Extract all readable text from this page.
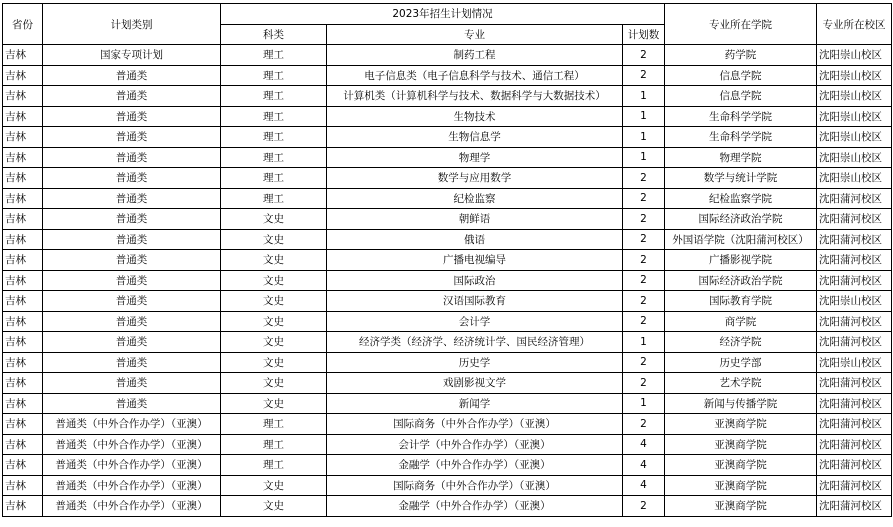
省份	计划类别	2023年招生计划情况			专业所在学院	专业所在校区
		科类	专业	计划数		
吉林	国家专项计划	理工	制药工程	2	药学院	沈阳崇山校区
吉林	普通类	理工	电子信息类（电子信息科学与技术、通信工程）	2	信息学院	沈阳崇山校区
吉林	普通类	理工	计算机类（计算机科学与技术、数据科学与大数据技术）	1	信息学院	沈阳崇山校区
吉林	普通类	理工	生物技术	1	生命科学学院	沈阳崇山校区
吉林	普通类	理工	生物信息学	1	生命科学学院	沈阳崇山校区
吉林	普通类	理工	物理学	1	物理学院	沈阳崇山校区
吉林	普通类	理工	数学与应用数学	2	数学与统计学院	沈阳崇山校区
吉林	普通类	理工	纪检监察	2	纪检监察学院	沈阳蒲河校区
吉林	普通类	文史	朝鲜语	2	国际经济政治学院	沈阳蒲河校区
吉林	普通类	文史	俄语	2	外国语学院（沈阳蒲河校区）	沈阳蒲河校区
吉林	普通类	文史	广播电视编导	2	广播影视学院	沈阳蒲河校区
吉林	普通类	文史	国际政治	2	国际经济政治学院	沈阳蒲河校区
吉林	普通类	文史	汉语国际教育	2	国际教育学院	沈阳崇山校区
吉林	普通类	文史	会计学	2	商学院	沈阳蒲河校区
吉林	普通类	文史	经济学类（经济学、经济统计学、国民经济管理）	1	经济学院	沈阳蒲河校区
吉林	普通类	文史	历史学	2	历史学部	沈阳崇山校区
吉林	普通类	文史	戏剧影视文学	2	艺术学院	沈阳蒲河校区
吉林	普通类	文史	新闻学	1	新闻与传播学院	沈阳蒲河校区
吉林	普通类（中外合作办学）（亚澳）	理工	国际商务（中外合作办学）（亚澳）	2	亚澳商学院	沈阳蒲河校区
吉林	普通类（中外合作办学）（亚澳）	理工	会计学（中外合作办学）（亚澳）	4	亚澳商学院	沈阳蒲河校区
吉林	普通类（中外合作办学）（亚澳）	理工	金融学（中外合作办学）（亚澳）	4	亚澳商学院	沈阳蒲河校区
吉林	普通类（中外合作办学）（亚澳）	文史	国际商务（中外合作办学）（亚澳）	4	亚澳商学院	沈阳蒲河校区
吉林	普通类（中外合作办学）（亚澳）	文史	金融学（中外合作办学）（亚澳）	2	亚澳商学院	沈阳蒲河校区
